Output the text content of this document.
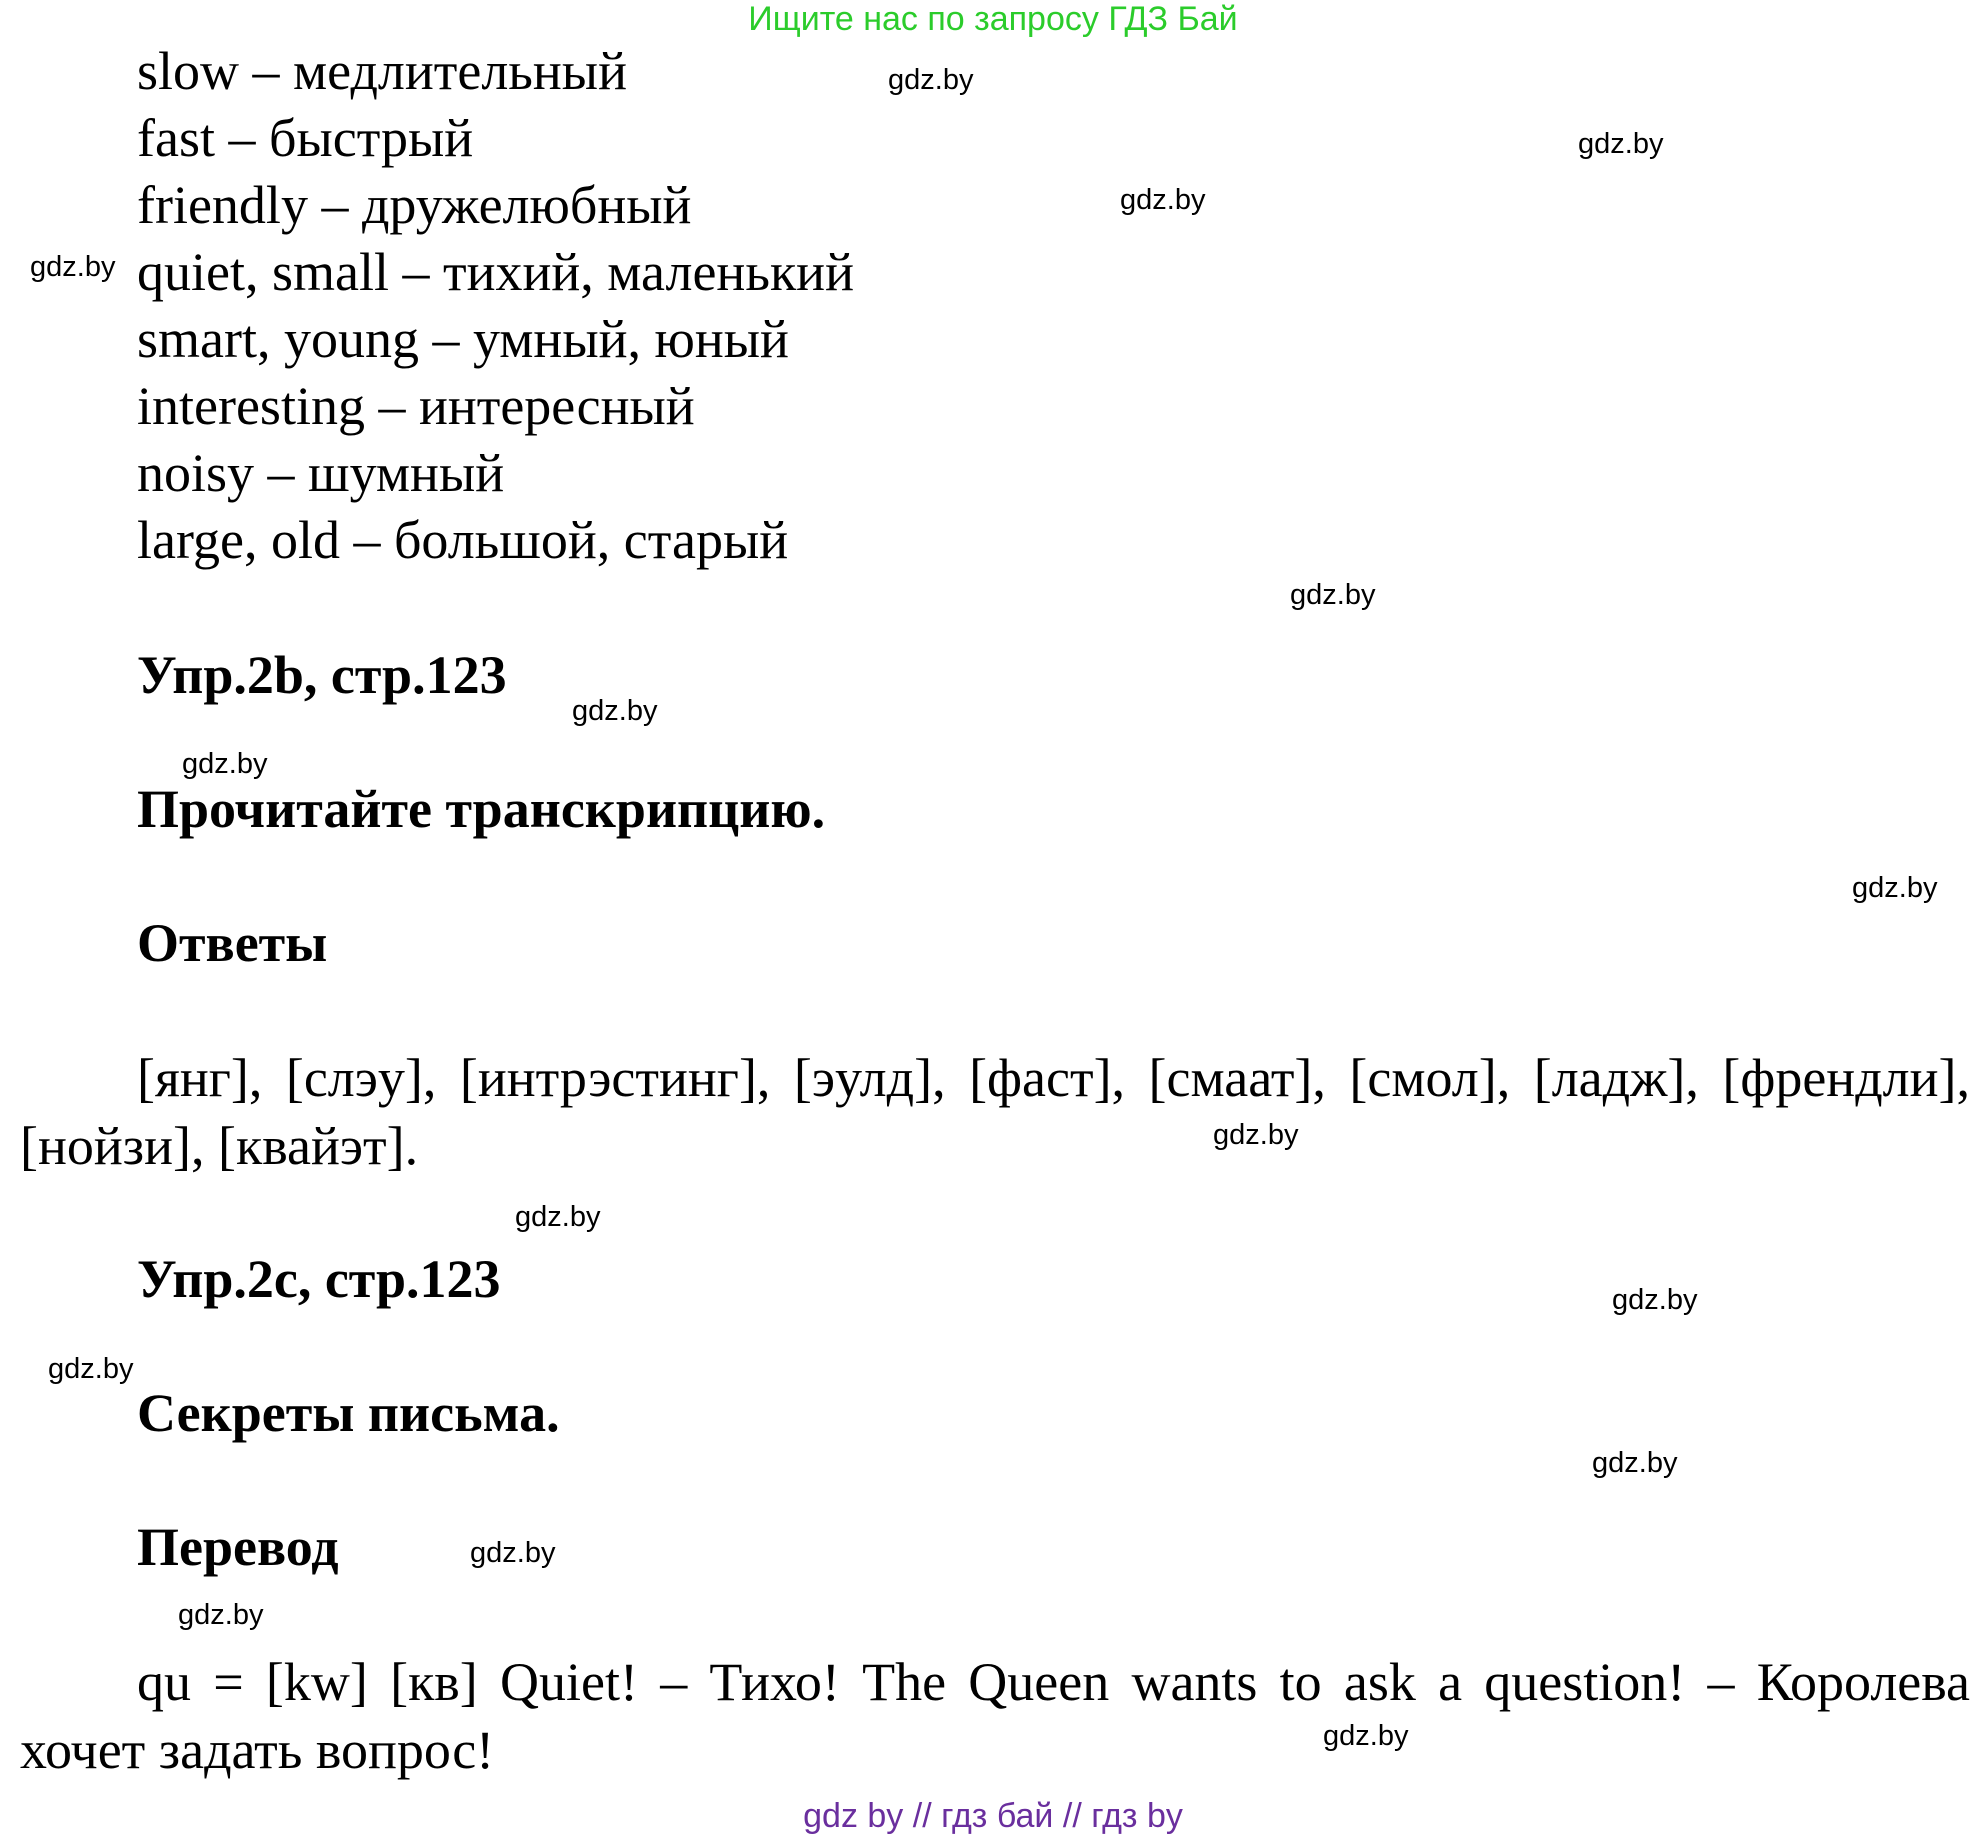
Ищите нас по запросу ГДЗ Бай
slow – медлительный
fast – быстрый
friendly – дружелюбный
quiet, small – тихий, маленький
smart, young – умный, юный
interesting – интересный
noisy – шумный
large, old – большой, старый
Упр.2b, стр.123
Прочитайте транскрипцию.
Ответы
[янг], [слэу], [интрэстинг], [эулд], [фаст], [смаат], [смол], [ладж], [френдли], [нойзи], [квайэт].
Упр.2c, стр.123
Секреты письма.
Перевод
qu = [kw] [кв] Quiet! – Тихо! The Queen wants to ask a question! – Королева хочет задать вопрос!
gdz.by
gdz.by
gdz.by
gdz.by
gdz.by
gdz.by
gdz.by
gdz.by
gdz.by
gdz.by
gdz.by
gdz.by
gdz.by
gdz.by
gdz.by
gdz.by
gdz by // гдз бай // гдз by
